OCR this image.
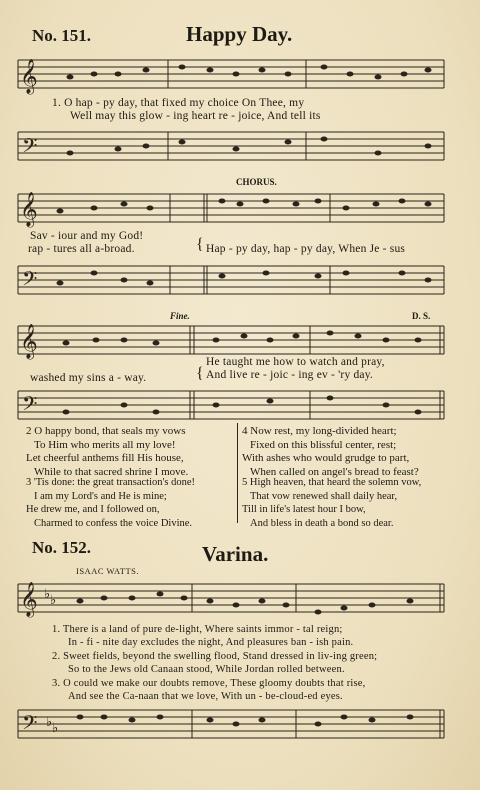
No. 151.	Happy Day.
𝄞
1. O hap - py day, that fixed my choice On Thee, my
Well may this glow - ing heart re - joice, And tell its
𝄢
CHORUS.
𝄞
Sav - iour and my God!
rap - tures all a-broad.	{ Hap - py day, hap - py day, When Je - sus
𝄢
Fine.	D. S.
𝄞
washed my sins a - way.	{
He taught me how to watch and pray,
And live re - joic - ing ev - 'ry day.
𝄢
2 O happy bond, that seals my vows
To Him who merits all my love!
Let cheerful anthems fill His house,
While to that sacred shrine I move.
3 'Tis done: the great transaction's done!
I am my Lord's and He is mine;
He drew me, and I followed on,
Charmed to confess the voice Divine.
4 Now rest, my long-divided heart;
Fixed on this blissful center, rest;
With ashes who would grudge to part,
When called on angel's bread to feast?
5 High heaven, that heard the solemn vow,
That vow renewed shall daily hear,
Till in life's latest hour I bow,
And bless in death a bond so dear.
No. 152.	Varina.
ISAAC WATTS.
𝄞 ♭ ♭
1. There is a land of pure de-light, Where saints immor - tal reign;
In - fi - nite day excludes the night, And pleasures ban - ish pain.
2. Sweet fields, beyond the swelling flood, Stand dressed in liv-ing green;
So to the Jews old Canaan stood, While Jordan rolled between.
3. O could we make our doubts remove, These gloomy doubts that rise,
And see the Ca-naan that we love, With un - be-cloud-ed eyes.
𝄢 ♭ ♭
